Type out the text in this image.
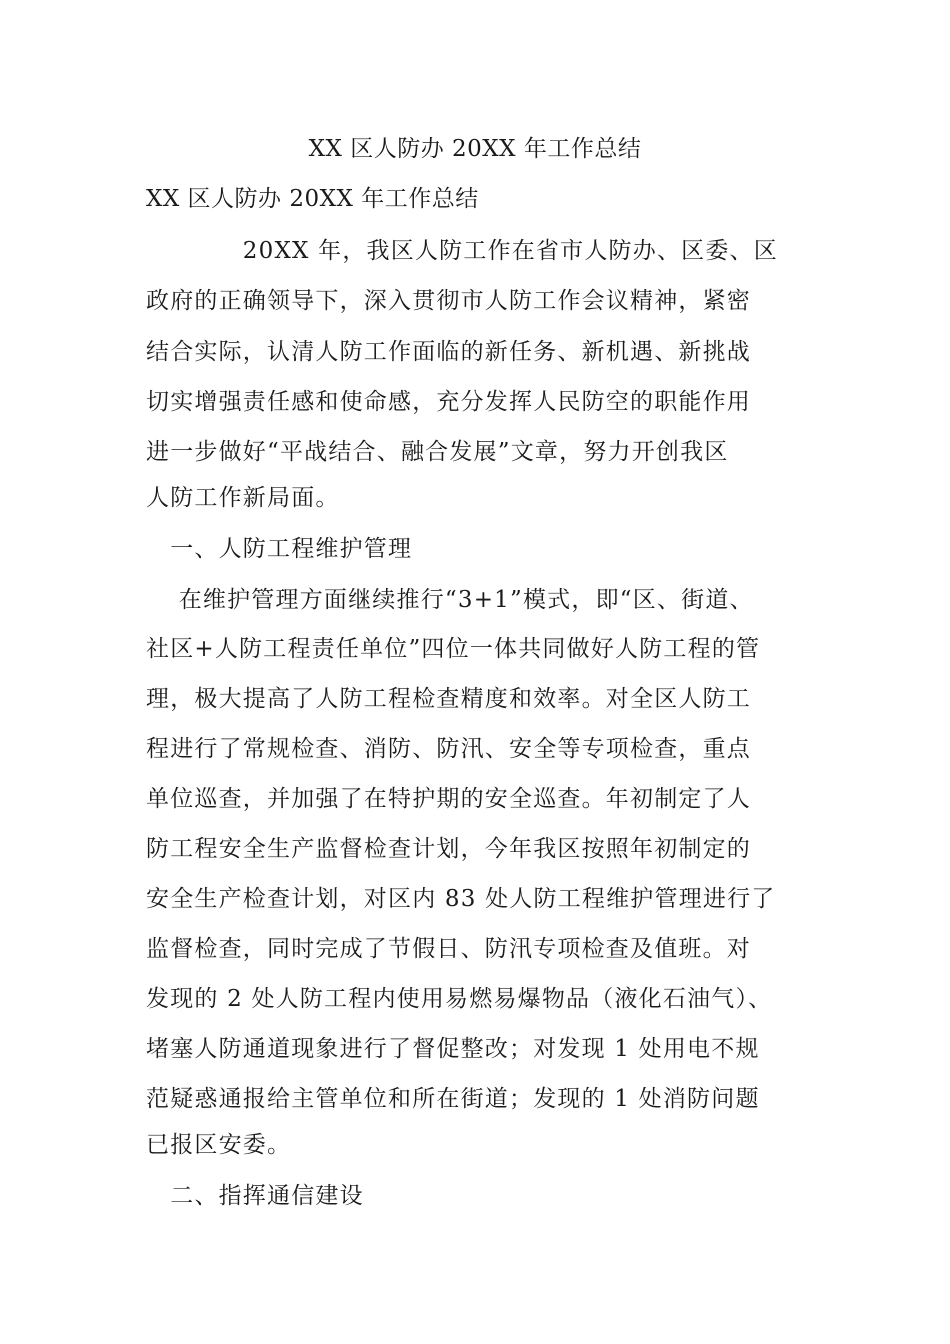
XX 区人防办 20XX 年工作总结
XX 区人防办 20XX 年工作总结
　　　　20XX 年，我区人防工作在省市人防办、区委、区
政府的正确领导下，深入贯彻市人防工作会议精神，紧密
结合实际，认清人防工作面临的新任务、新机遇、新挑战
切实增强责任感和使命感，充分发挥人民防空的职能作用
进一步做好“平战结合、融合发展”文章，努力开创我区
人防工作新局面。
　一、人防工程维护管理
　 在维护管理方面继续推行“3+1”模式，即“区、街道、
社区+人防工程责任单位”四位一体共同做好人防工程的管
理，极大提高了人防工程检查精度和效率。对全区人防工
程进行了常规检查、消防、防汛、安全等专项检查，重点
单位巡查，并加强了在特护期的安全巡查。年初制定了人
防工程安全生产监督检查计划，今年我区按照年初制定的
安全生产检查计划，对区内 83 处人防工程维护管理进行了
监督检查，同时完成了节假日、防汛专项检查及值班。对
发现的 2 处人防工程内使用易燃易爆物品（液化石油气）、
堵塞人防通道现象进行了督促整改；对发现 1 处用电不规
范疑惑通报给主管单位和所在街道；发现的 1 处消防问题
已报区安委。
　二、指挥通信建设
